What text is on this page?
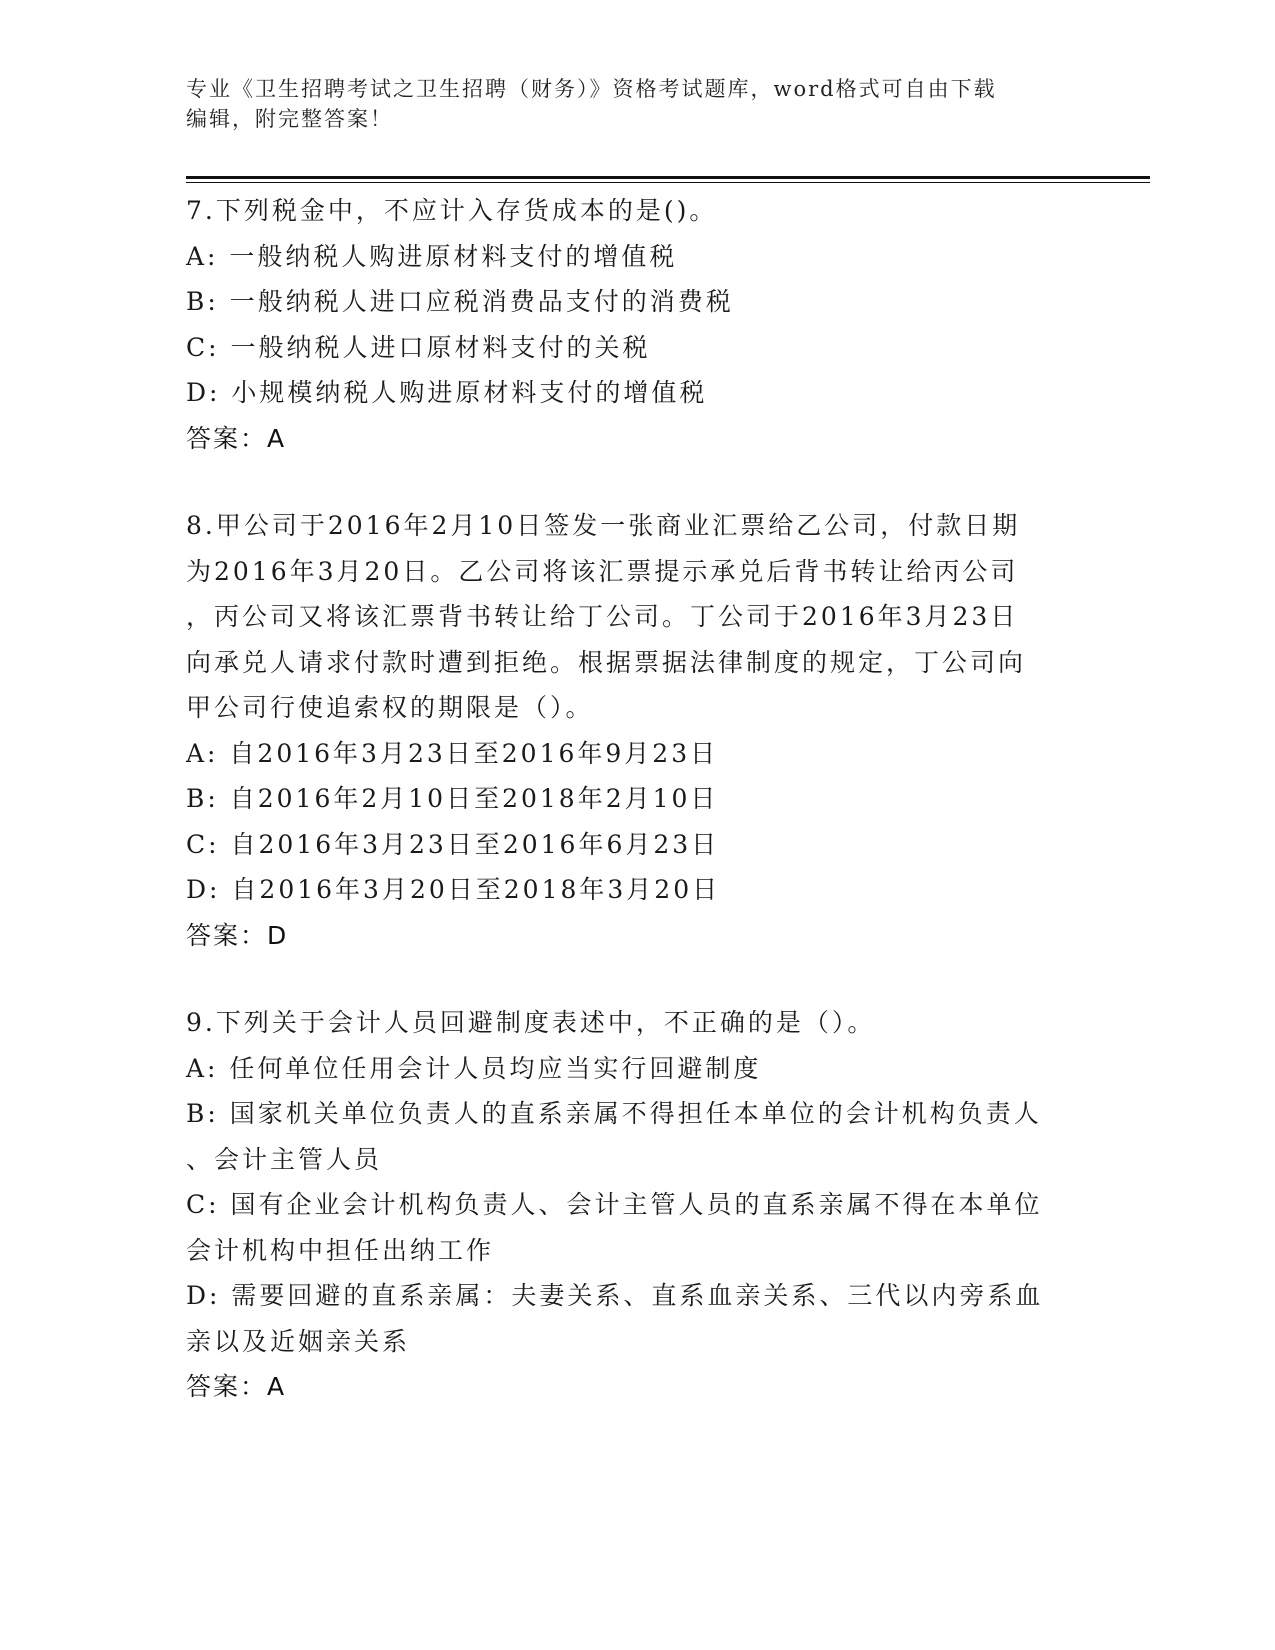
专业《卫生招聘考试之卫生招聘（财务）》资格考试题库，word格式可自由下载
编辑，附完整答案！

7.下列税金中，不应计入存货成本的是()。

A: 一般纳税人购进原材料支付的增值税

B: 一般纳税人进口应税消费品支付的消费税

C: 一般纳税人进口原材料支付的关税

D: 小规模纳税人购进原材料支付的增值税

答案：A

8.甲公司于2016年2月10日签发一张商业汇票给乙公司，付款日期

为2016年3月20日。乙公司将该汇票提示承兑后背书转让给丙公司

，丙公司又将该汇票背书转让给丁公司。丁公司于2016年3月23日

向承兑人请求付款时遭到拒绝。根据票据法律制度的规定，丁公司向

甲公司行使追索权的期限是（）。

A: 自2016年3月23日至2016年9月23日

B: 自2016年2月10日至2018年2月10日

C: 自2016年3月23日至2016年6月23日

D: 自2016年3月20日至2018年3月20日

答案：D

9.下列关于会计人员回避制度表述中，不正确的是（）。

A: 任何单位任用会计人员均应当实行回避制度

B: 国家机关单位负责人的直系亲属不得担任本单位的会计机构负责人

、会计主管人员

C: 国有企业会计机构负责人、会计主管人员的直系亲属不得在本单位

会计机构中担任出纳工作

D: 需要回避的直系亲属：夫妻关系、直系血亲关系、三代以内旁系血

亲以及近姻亲关系

答案：A
